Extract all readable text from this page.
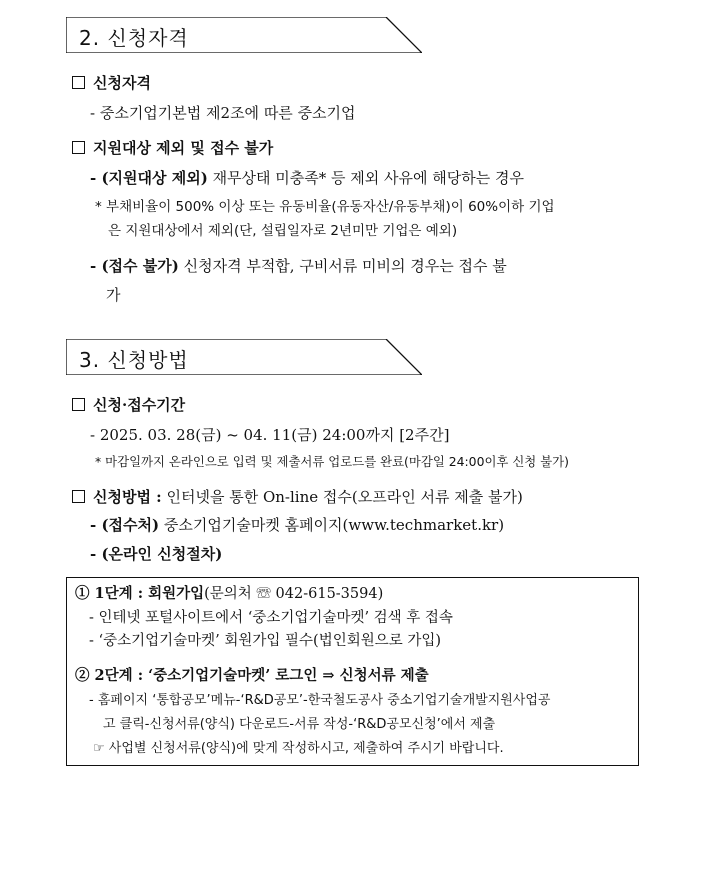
2. 신청자격
신청자격
- 중소기업기본법 제2조에 따른 중소기업
지원대상 제외 및 접수 불가
- (지원대상 제외) 재무상태 미충족* 등 제외 사유에 해당하는 경우
* 부채비율이 500% 이상 또는 유동비율(유동자산/유동부채)이 60%이하 기업
은 지원대상에서 제외(단, 설립일자로 2년미만 기업은 예외)
- (접수 불가) 신청자격 부적합, 구비서류 미비의 경우는 접수 불
가
3. 신청방법
신청·접수기간
- 2025. 03. 28(금) ~ 04. 11(금) 24:00까지 [2주간]
* 마감일까지 온라인으로 입력 및 제출서류 업로드를 완료(마감일 24:00이후 신청 불가)
신청방법 : 인터넷을 통한 On-line 접수(오프라인 서류 제출 불가)
- (접수처) 중소기업기술마켓 홈페이지(www.techmarket.kr)
- (온라인 신청절차)
① 1단계 : 회원가입(문의처 ☏ 042-615-3594)
- 인테넷 포털사이트에서 ‘중소기업기술마켓’ 검색 후 접속
- ‘중소기업기술마켓’ 회원가입 필수(법인회원으로 가입)
② 2단계 : ‘중소기업기술마켓’ 로그인 ⇒ 신청서류 제출
- 홈페이지 ‘통합공모’메뉴-‘R&D공모’-한국철도공사 중소기업기술개발지원사업공
고 클릭-신청서류(양식) 다운로드-서류 작성-‘R&D공모신청’에서 제출
☞ 사업별 신청서류(양식)에 맞게 작성하시고, 제출하여 주시기 바랍니다.
